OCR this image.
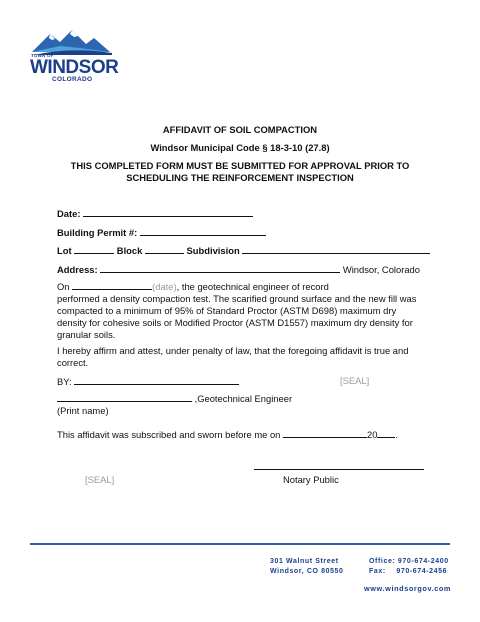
TOWN OF
WINDSOR
COLORADO
AFFIDAVIT OF SOIL COMPACTION
Windsor Municipal Code § 18-3-10 (27.8)
THIS COMPLETED FORM MUST BE SUBMITTED FOR APPROVAL PRIOR TO
SCHEDULING THE REINFORCEMENT INSPECTION
Date:
Building Permit #:
Lot	Block	Subdivision
Address:	Windsor, Colorado
On	(date), the geotechnical engineer of record
performed a density compaction test. The scarified ground surface and the new fill was compacted to a minimum of 95% of Standard Proctor (ASTM D698) maximum dry density for cohesive soils or Modified Proctor (ASTM D1557) maximum dry density for granular soils.
I hereby affirm and attest, under penalty of law, that the foregoing affidavit is true and correct.
BY:	[SEAL]
,Geotechnical Engineer
(Print name)
This affidavit was subscribed and sworn before me on	20 .
[SEAL]	Notary Public
301 Walnut Street
Windsor, CO 80550
Office: 970-674-2400
Fax: 970-674-2456
www.windsorgov.com
